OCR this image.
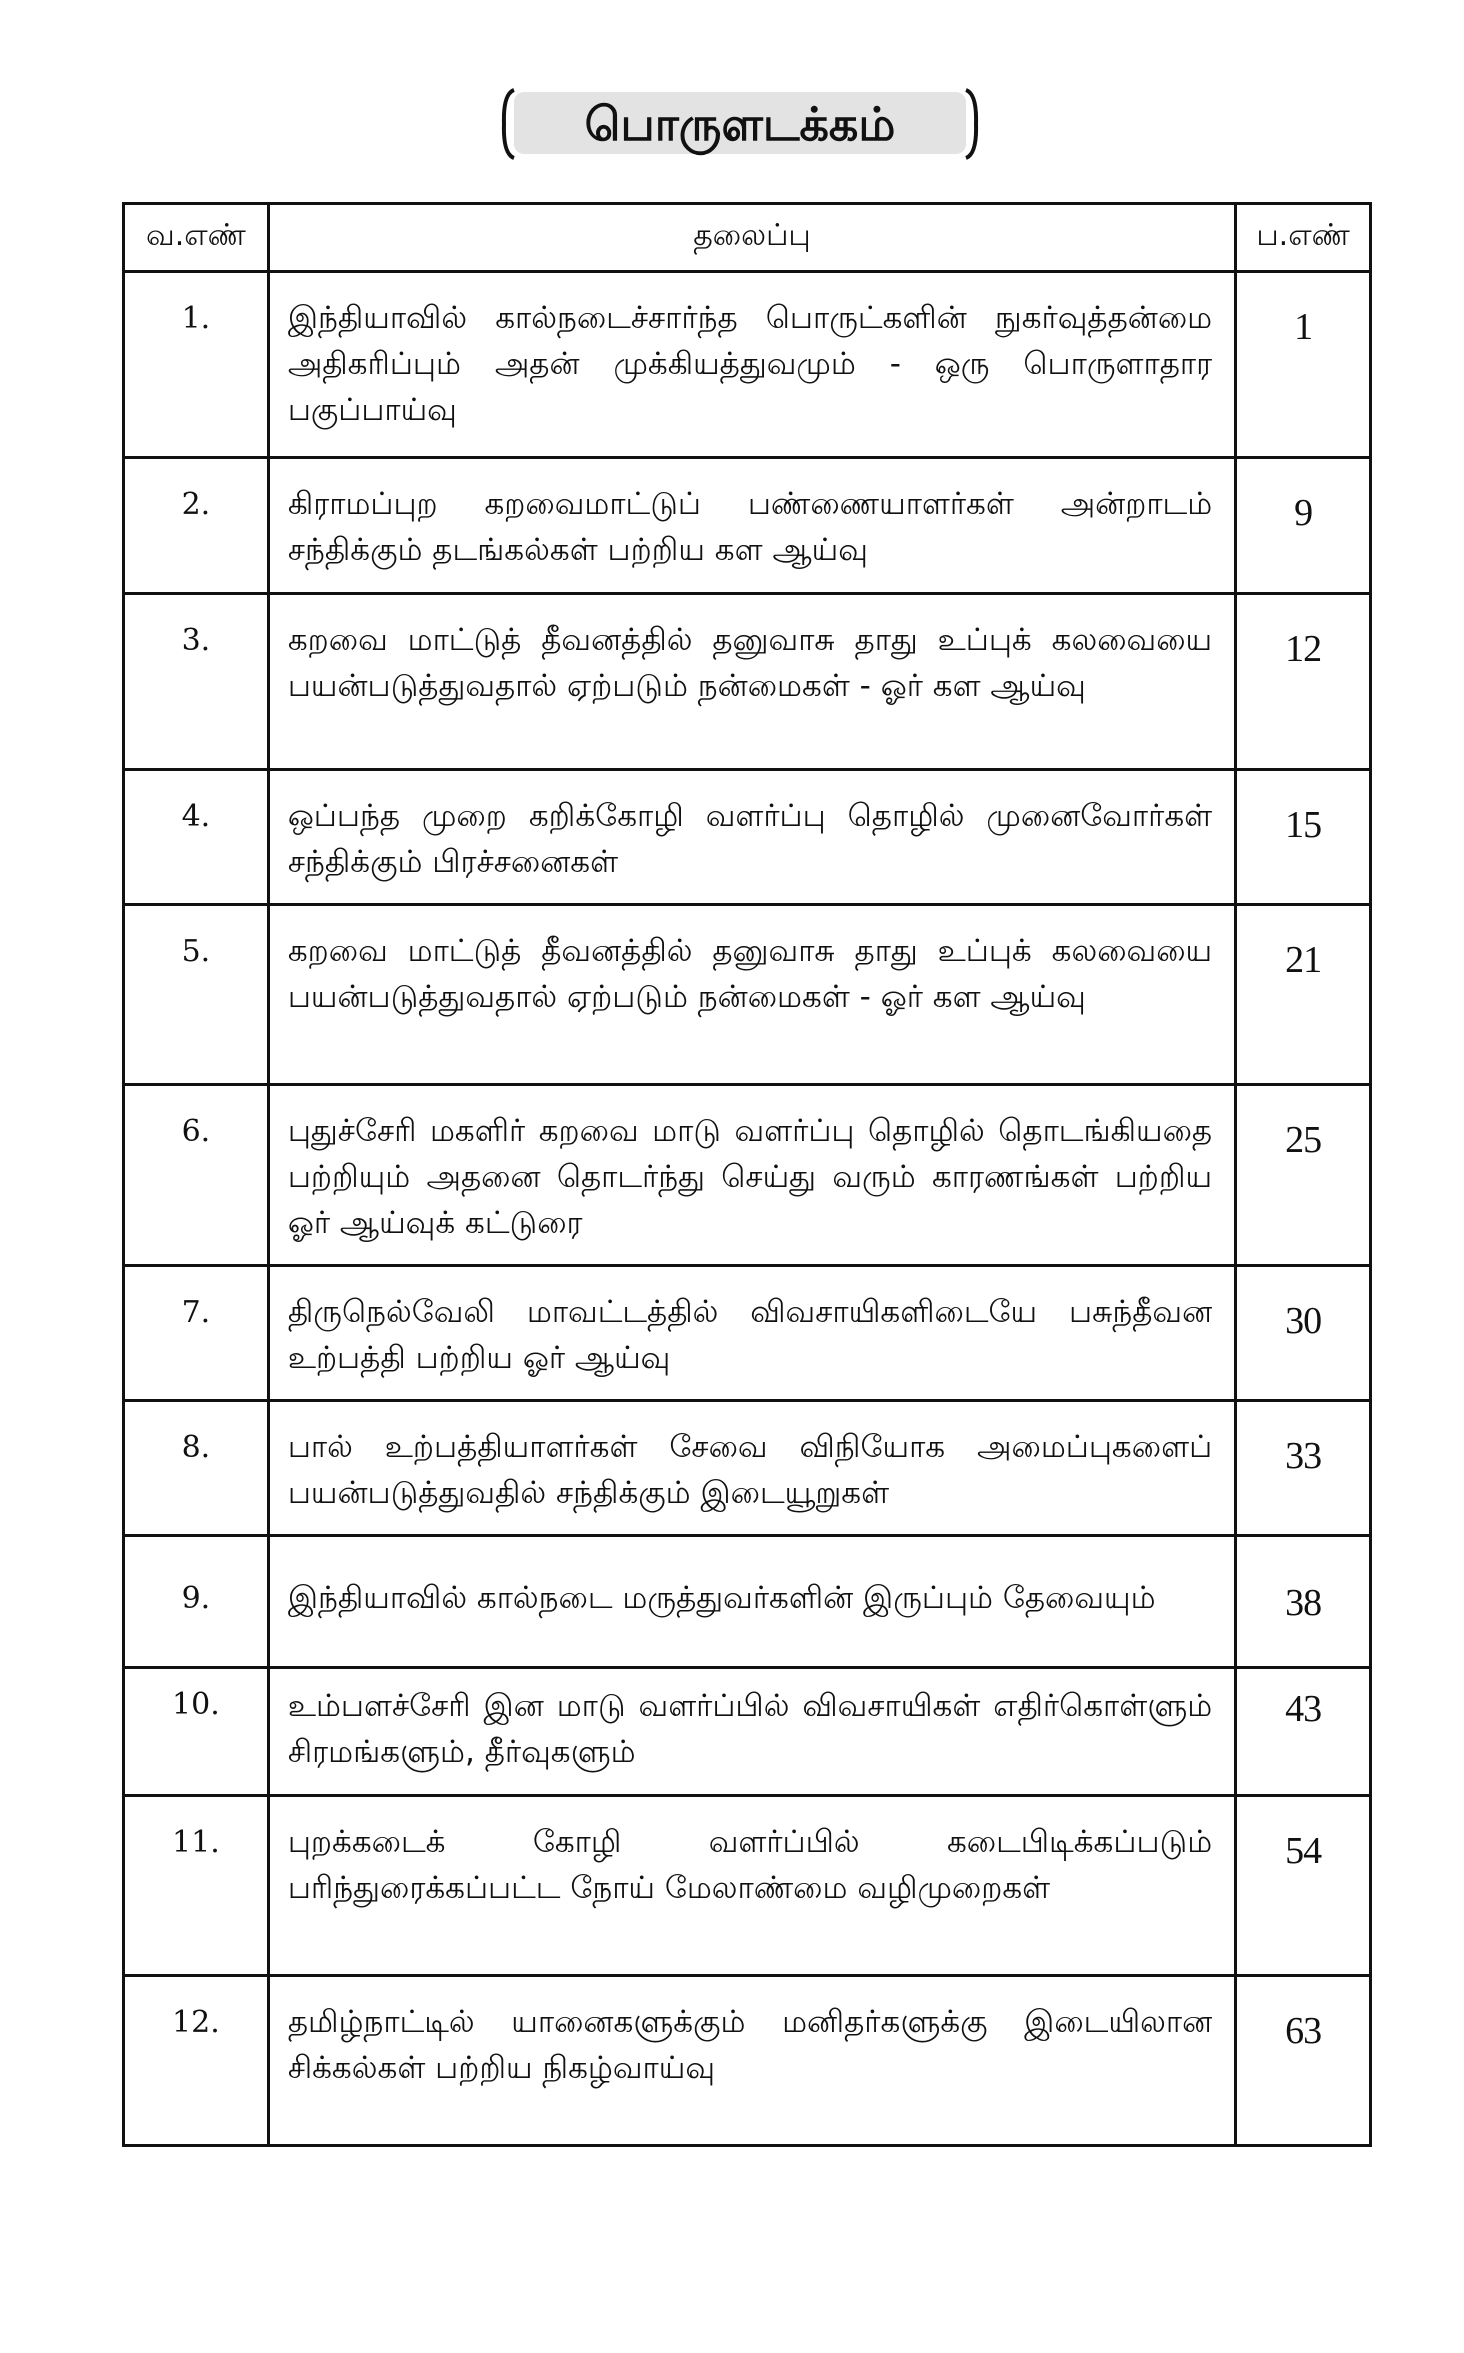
பொருளடக்கம்
வ.எண்	தலைப்பு	ப.எண்
1.	இந்தியாவில் கால்நடைச்சார்ந்த பொருட்களின் நுகர்வுத்தன்மை அதிகரிப்பும் அதன் முக்கியத்துவமும் - ஒரு பொருளாதார பகுப்பாய்வு	1
2.	கிராமப்புற கறவைமாட்டுப் பண்ணையாளர்கள் அன்றாடம் சந்திக்கும் தடங்கல்கள் பற்றிய கள ஆய்வு	9
3.	கறவை மாட்டுத் தீவனத்தில் தனுவாசு தாது உப்புக் கலவையை பயன்படுத்துவதால் ஏற்படும் நன்மைகள் - ஓர் கள ஆய்வு	12
4.	ஒப்பந்த முறை கறிக்கோழி வளர்ப்பு தொழில் முனைவோர்கள் சந்திக்கும் பிரச்சனைகள்	15
5.	கறவை மாட்டுத் தீவனத்தில் தனுவாசு தாது உப்புக் கலவையை பயன்படுத்துவதால் ஏற்படும் நன்மைகள் - ஓர் கள ஆய்வு	21
6.	புதுச்சேரி மகளிர் கறவை மாடு வளர்ப்பு தொழில் தொடங்கியதை பற்றியும் அதனை தொடர்ந்து செய்து வரும் காரணங்கள் பற்றிய ஓர் ஆய்வுக் கட்டுரை	25
7.	திருநெல்வேலி மாவட்டத்தில் விவசாயிகளிடையே பசுந்தீவன உற்பத்தி பற்றிய ஓர் ஆய்வு	30
8.	பால் உற்பத்தியாளர்கள் சேவை விநியோக அமைப்புகளைப் பயன்படுத்துவதில் சந்திக்கும் இடையூறுகள்	33
9.	இந்தியாவில் கால்நடை மருத்துவர்களின் இருப்பும் தேவையும்	38
10.	உம்பளச்சேரி இன மாடு வளர்ப்பில் விவசாயிகள் எதிர்கொள்ளும் சிரமங்களும், தீர்வுகளும்	43
11.	புறக்கடைக் கோழி வளர்ப்பில் கடைபிடிக்கப்படும் பரிந்துரைக்கப்பட்ட நோய் மேலாண்மை வழிமுறைகள்	54
12.	தமிழ்நாட்டில் யானைகளுக்கும் மனிதர்களுக்கு இடையிலான சிக்கல்கள் பற்றிய நிகழ்வாய்வு	63
